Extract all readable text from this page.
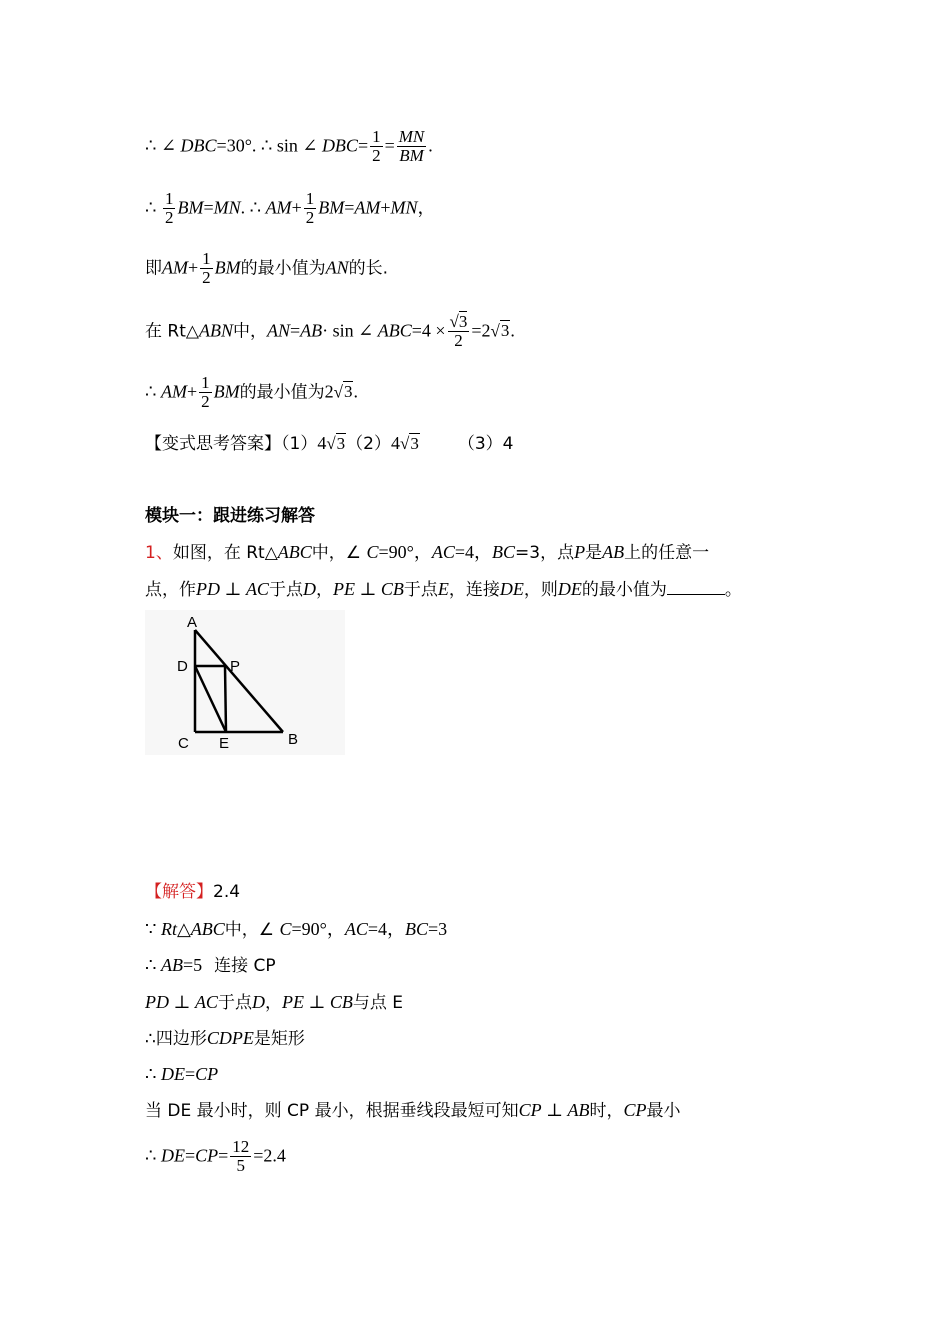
∴ ∠ DBC=30°. ∴ sin ∠ $DBC= \frac{1}{2} = \frac{MN}{BM}$ .
∴ $\frac{1}{2} BM=MN$. ∴ $AM+ \frac{1}{2} BM=AM+MN$，
即$AM+ \frac{1}{2}$ BM的最小值为AN的长.
在 Rt△ABN中，AN=AB· sin ∠ $ABC=4 \times \frac{√3}{2} =2√3$.
∴ $AM+ \frac{1}{2}$ BM的最小值为2√3.
【变式思考答案】（1）4√3（2）4√3 （3）4
模块一：跟进练习解答
1、如图，在 Rt△ABC中，∠ C=90°，AC=4，BC=3，点P是AB上的任意一
点，作PD ⊥ AC于点D，PE ⊥ CB于点E，连接DE，则DE的最小值为	。
A
D	P
C E	B
【解答】2.4
∵ Rt△ABC中，∠ C=90°，AC=4，BC=3
∴ AB=5 连接 CP
PD ⊥ AC于点D，PE ⊥ CB与点 E
∴四边形CDPE是矩形
∴ DE=CP
当 DE 最小时，则 CP 最小，根据垂线段最短可知CP ⊥ AB时，CP最小
∴ $DE=CP= \frac{12}{5} =2.4$
